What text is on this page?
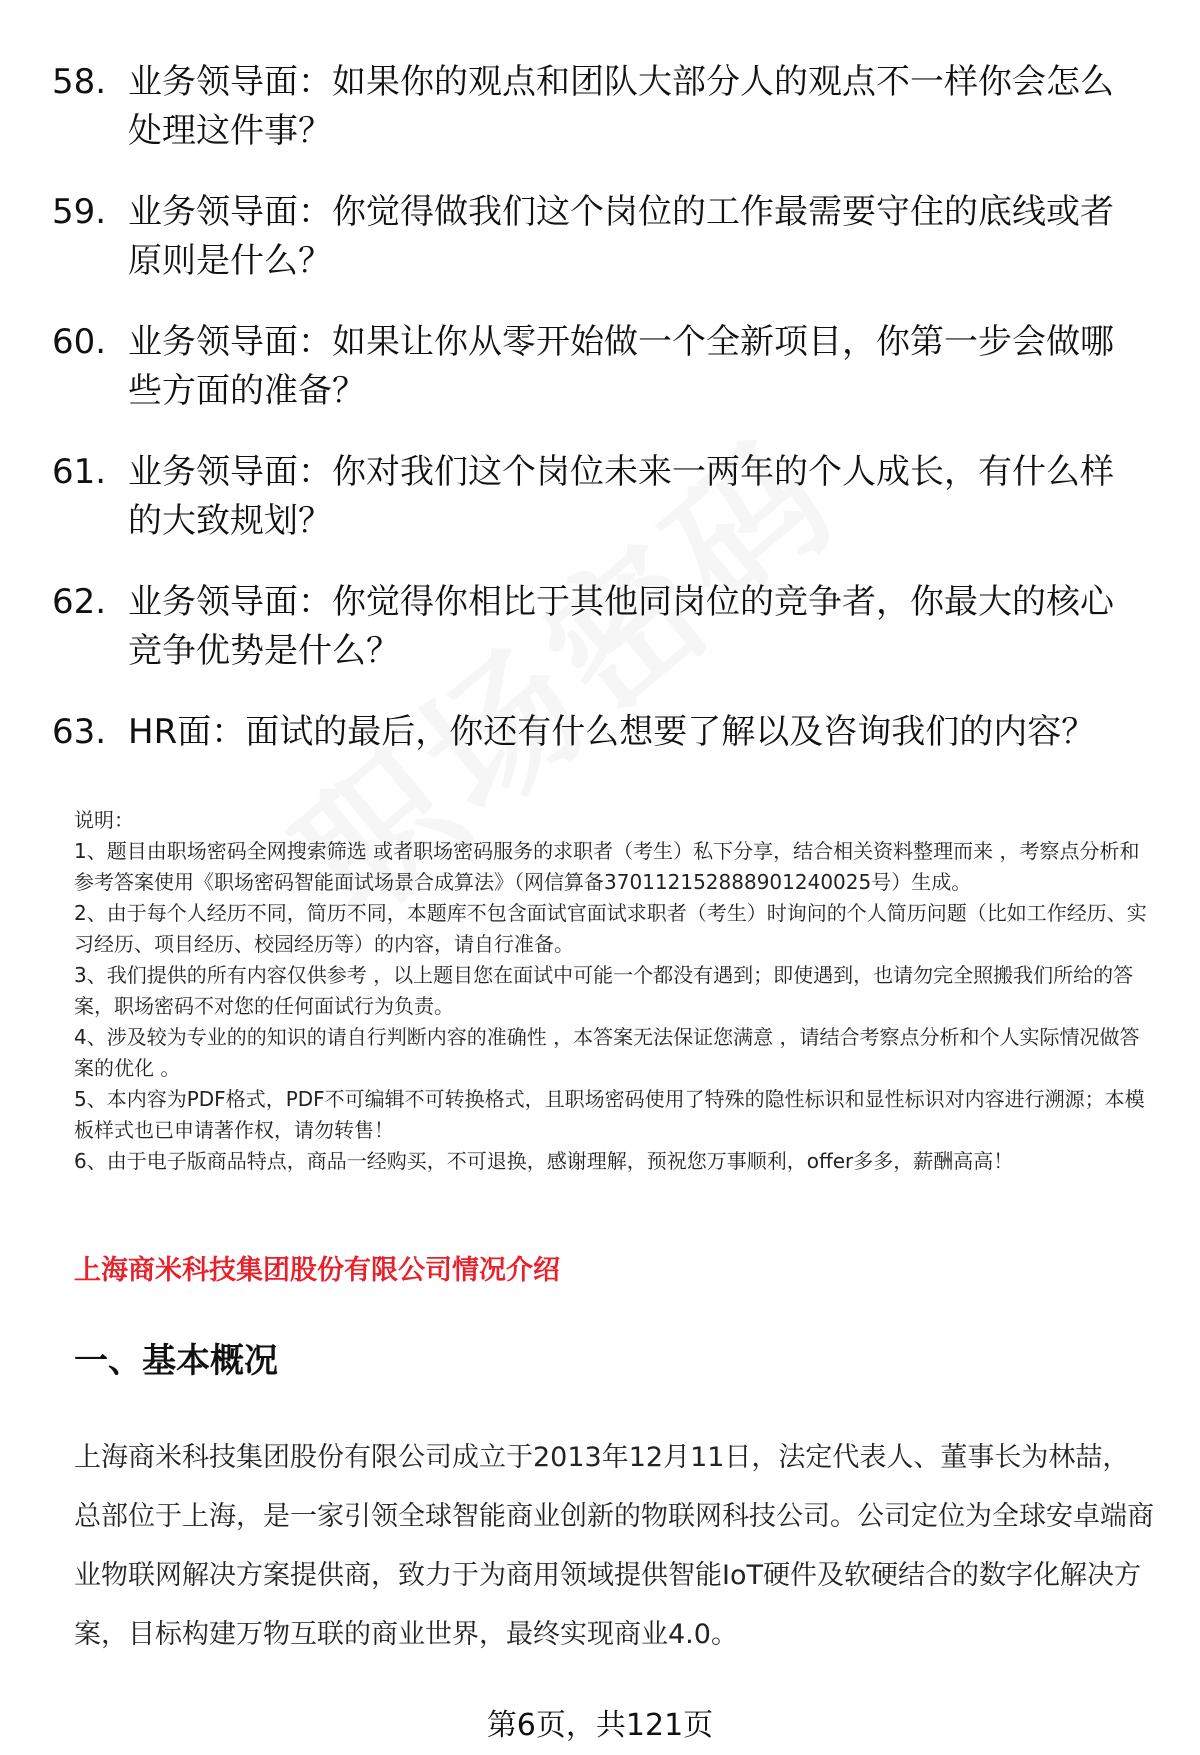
58. 业务领导面：如果你的观点和团队大部分人的观点不一样你会怎么处理这件事？
59. 业务领导面：你觉得做我们这个岗位的工作最需要守住的底线或者原则是什么？
60. 业务领导面：如果让你从零开始做一个全新项目，你第一步会做哪些方面的准备？
61. 业务领导面：你对我们这个岗位未来一两年的个人成长，有什么样的大致规划？
62. 业务领导面：你觉得你相比于其他同岗位的竞争者，你最大的核心竞争优势是什么？
63. HR面：面试的最后，你还有什么想要了解以及咨询我们的内容？

说明：

1、题目由职场密码全网搜索筛选 或者职场密码服务的求职者（考生）私下分享，结合相关资料整理而来 ，考察点分析和参考答案使用《职场密码智能面试场景合成算法》（网信算备370112152888901240025号）生成。

2、由于每个人经历不同，简历不同，本题库不包含面试官面试求职者（考生）时询问的个人简历问题（比如工作经历、实习经历、项目经历、校园经历等）的内容，请自行准备。

3、我们提供的所有内容仅供参考 ，以上题目您在面试中可能一个都没有遇到；即使遇到，也请勿完全照搬我们所给的答案，职场密码不对您的任何面试行为负责。

4、涉及较为专业的的知识的请自行判断内容的准确性 ，本答案无法保证您满意 ，请结合考察点分析和个人实际情况做答案的优化 。

5、本内容为PDF格式，PDF不可编辑不可转换格式，且职场密码使用了特殊的隐性标识和显性标识对内容进行溯源；本模板样式也已申请著作权，请勿转售！

6、由于电子版商品特点，商品一经购买，不可退换，感谢理解，预祝您万事顺利，offer多多，薪酬高高！

上海商米科技集团股份有限公司情况介绍
一、基本概况
上海商米科技集团股份有限公司成立于2013年12月11日，法定代表人、董事长为林喆，总部位于上海，是一家引领全球智能商业创新的物联网科技公司。公司定位为全球安卓端商业物联网解决方案提供商，致力于为商用领域提供智能IoT硬件及软硬结合的数字化解决方案，目标构建万物互联的商业世界，最终实现商业4.0。
第6页，共121页
